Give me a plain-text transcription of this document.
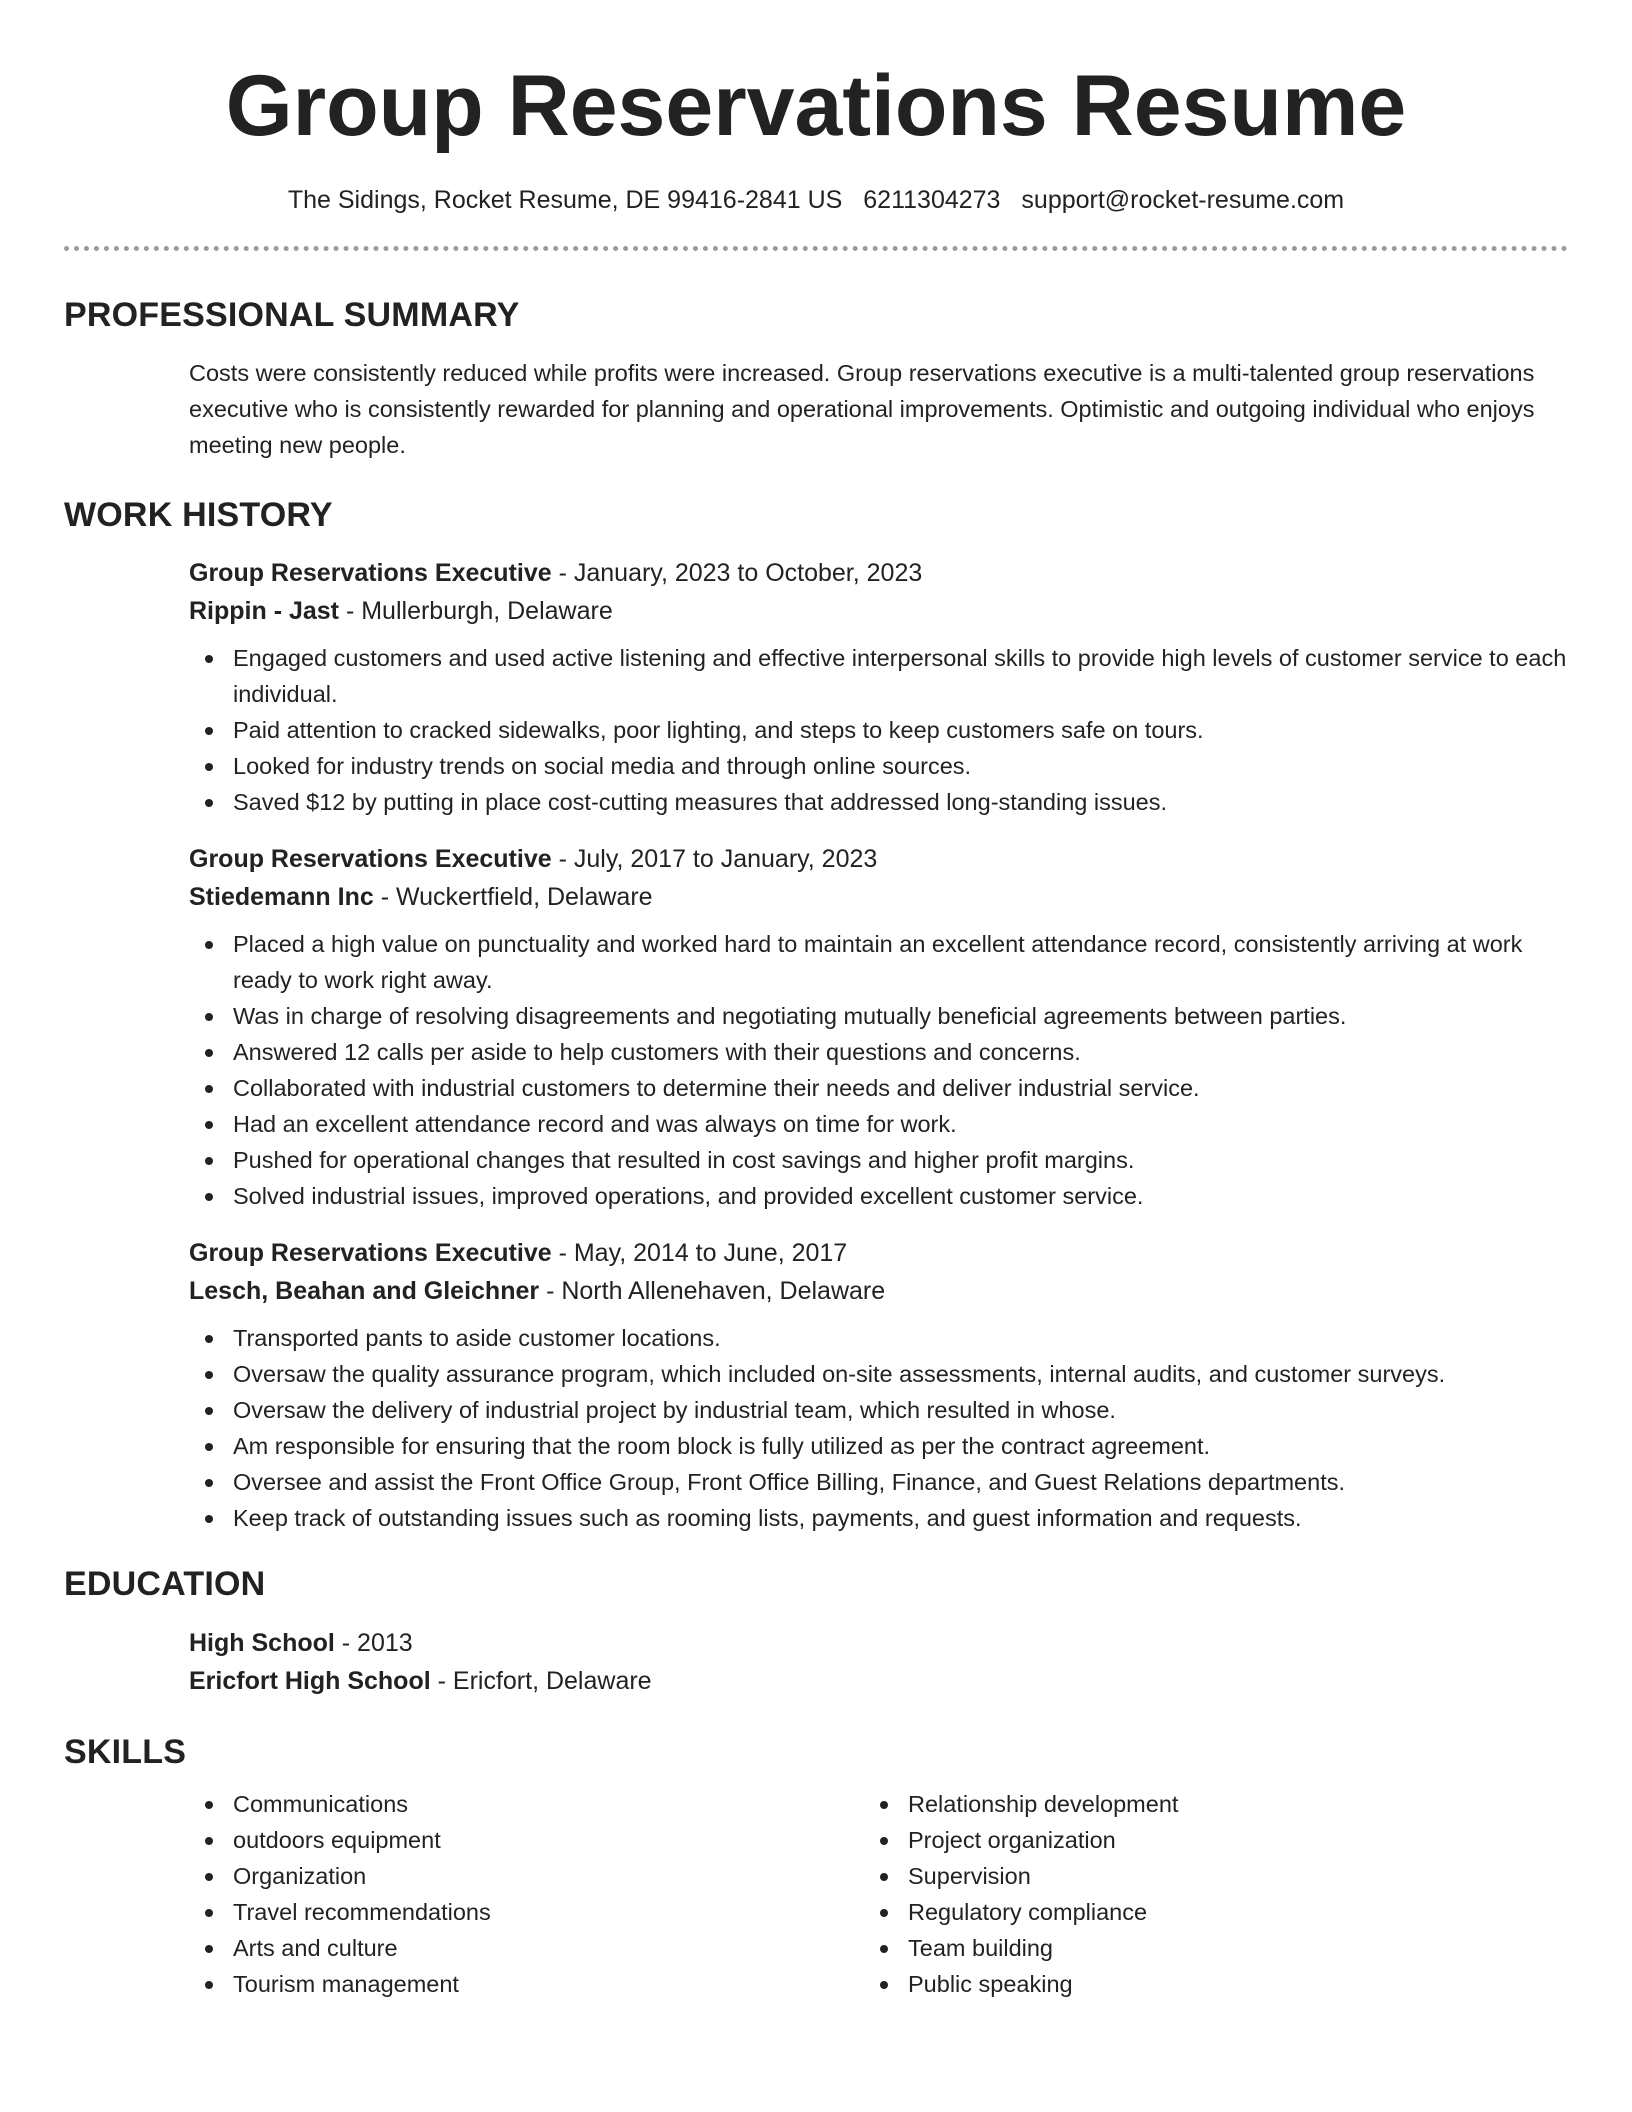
Group Reservations Resume
The Sidings, Rocket Resume, DE 99416-2841 US 6211304273 support@rocket-resume.com
PROFESSIONAL SUMMARY

Costs were consistently reduced while profits were increased. Group reservations executive is a multi-talented group reservations executive who is consistently rewarded for planning and operational improvements. Optimistic and outgoing individual who enjoys meeting new people.

WORK HISTORY
Group Reservations Executive - January, 2023 to October, 2023
Rippin - Jast - Mullerburgh, Delaware
Engaged customers and used active listening and effective interpersonal skills to provide high levels of customer service to each individual.
Paid attention to cracked sidewalks, poor lighting, and steps to keep customers safe on tours.
Looked for industry trends on social media and through online sources.
Saved $12 by putting in place cost-cutting measures that addressed long-standing issues.
Group Reservations Executive - July, 2017 to January, 2023
Stiedemann Inc - Wuckertfield, Delaware
Placed a high value on punctuality and worked hard to maintain an excellent attendance record, consistently arriving at work ready to work right away.
Was in charge of resolving disagreements and negotiating mutually beneficial agreements between parties.
Answered 12 calls per aside to help customers with their questions and concerns.
Collaborated with industrial customers to determine their needs and deliver industrial service.
Had an excellent attendance record and was always on time for work.
Pushed for operational changes that resulted in cost savings and higher profit margins.
Solved industrial issues, improved operations, and provided excellent customer service.
Group Reservations Executive - May, 2014 to June, 2017
Lesch, Beahan and Gleichner - North Allenehaven, Delaware
Transported pants to aside customer locations.
Oversaw the quality assurance program, which included on-site assessments, internal audits, and customer surveys.
Oversaw the delivery of industrial project by industrial team, which resulted in whose.
Am responsible for ensuring that the room block is fully utilized as per the contract agreement.
Oversee and assist the Front Office Group, Front Office Billing, Finance, and Guest Relations departments.
Keep track of outstanding issues such as rooming lists, payments, and guest information and requests.
EDUCATION
High School - 2013
Ericfort High School - Ericfort, Delaware
SKILLS
Communications
outdoors equipment
Organization
Travel recommendations
Arts and culture
Tourism management
Relationship development
Project organization
Supervision
Regulatory compliance
Team building
Public speaking
